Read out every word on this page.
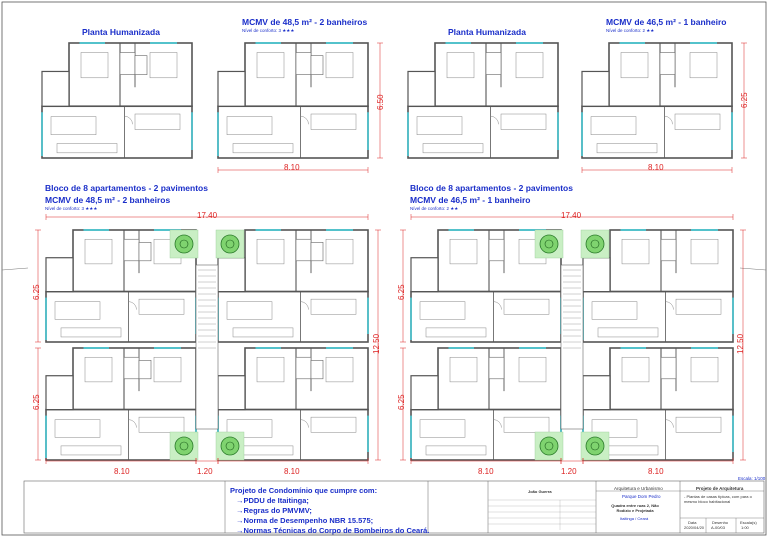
Planta Humanizada
MCMV de 48,5 m² - 2 banheiros
Nível de conforto: 3 ★★★
8.10
6.50
Planta Humanizada
MCMV de 46,5 m² - 1 banheiro
Nível de conforto: 2 ★★
8.10
6.25
Bloco de 8 apartamentos - 2 pavimentos
MCMV de 48,5 m² - 2 banheiros
Nível de conforto: 3 ★★★
17.40
6.25
6.25
12.50
8.10	1.20	8.10
Bloco de 8 apartamentos - 2 pavimentos
MCMV de 46,5 m² - 1 banheiro
Nível de conforto: 2 ★★
17.40
6.25
6.25
12.50
8.10	1.20	8.10
Escala: 1/100
Projeto de Condomínio que cumpre com:
→PDDU de Itaitinga;
→Regras do PMVMV;
→Norma de Desempenho NBR 15.575;
→Normas Técnicas do Corpo de Bombeiros do Ceará.
João Guerra
Arquitetura e Urbanismo	Projeto de Arquitetura
Parque Dom Pedro
Quadra entre ruas 2, Não Rodízio e Projetada
Itaitinga / Ceará
- Plantas de casas típicas, com para o mesmo bloco habitacional
Data
2020/04/20
Desenho
A-00/03
Escala(s)
1:00
